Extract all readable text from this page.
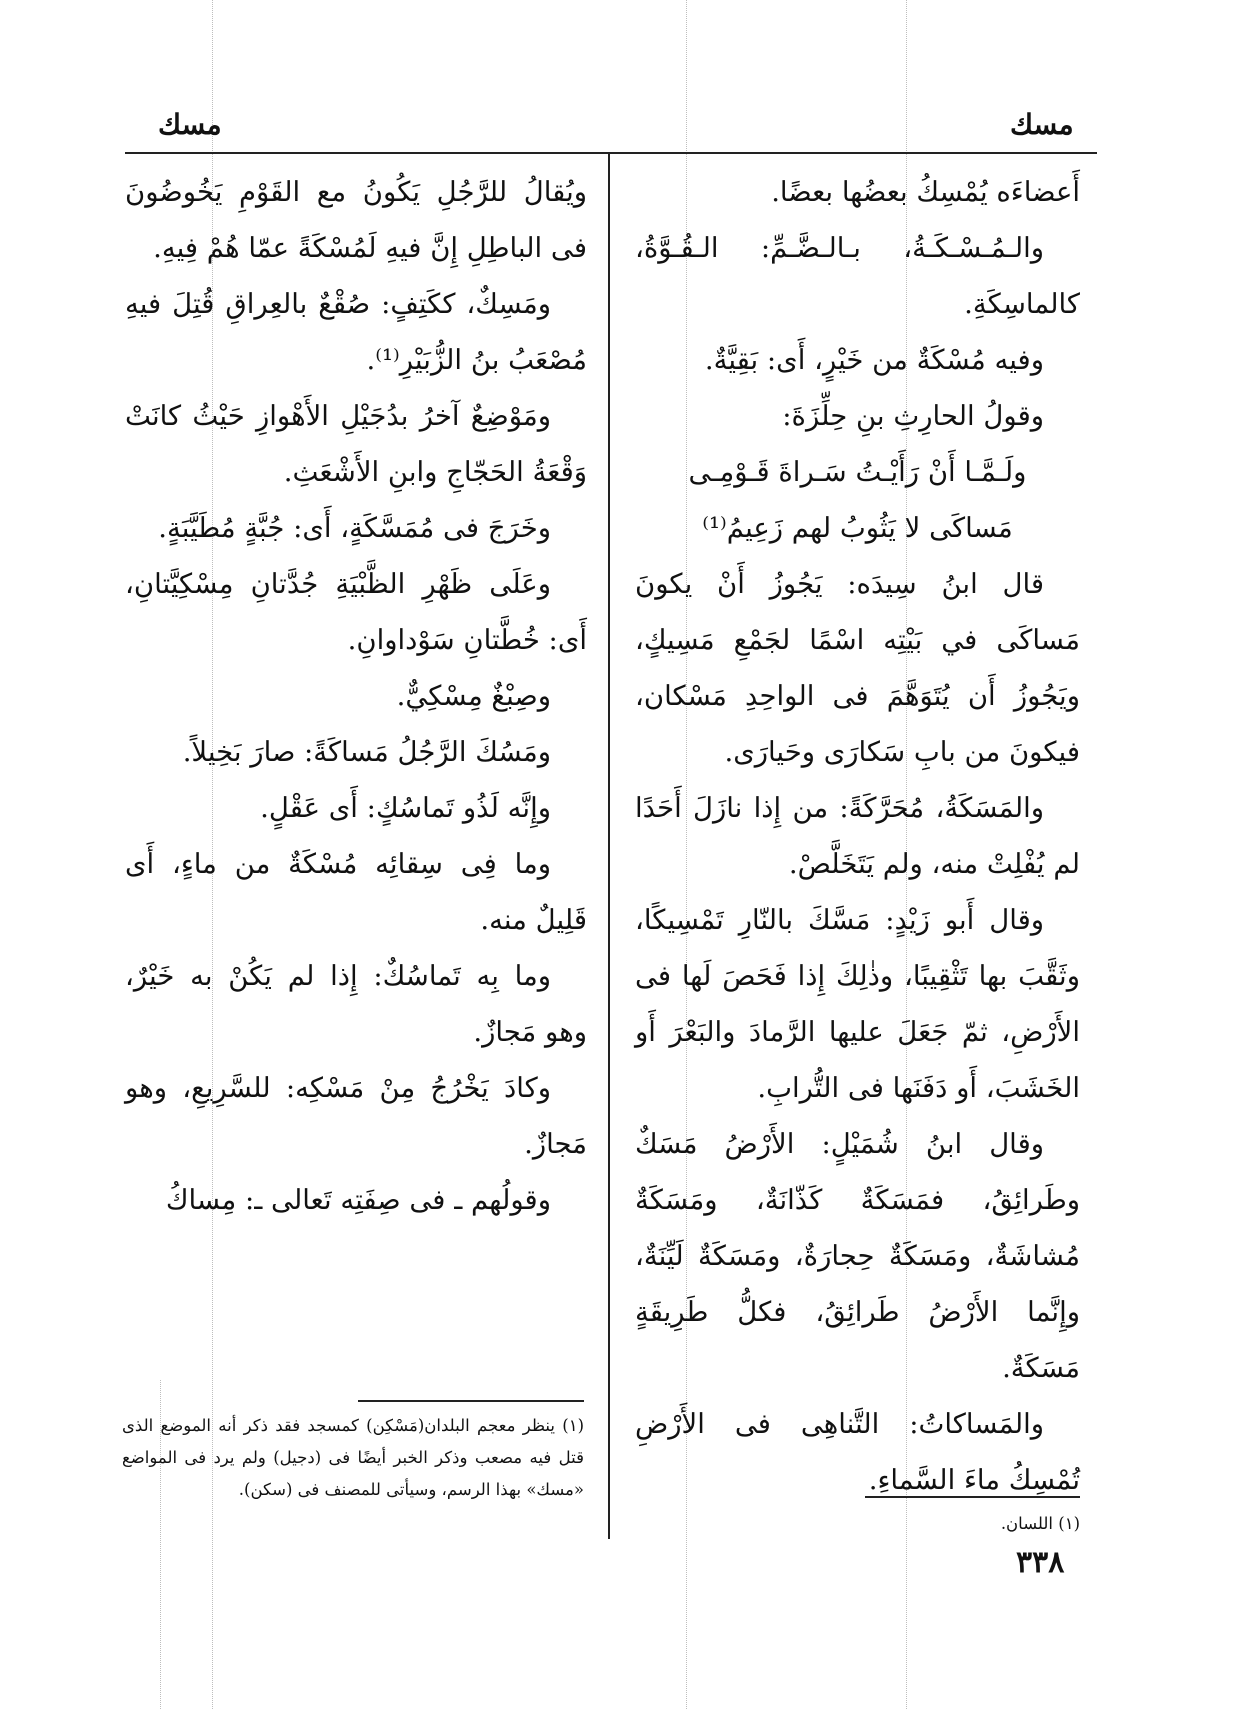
مسك
مسك

أَعضاءَه يُمْسِكُ بعضُها بعضًا.

والـمُـسْـكَـةُ، بـالـضَّـمِّ: الـقُـوَّةُ، كالماسِكَةِ.

وفيه مُسْكَةٌ من خَيْرٍ، أَى: بَقِيَّةٌ.

وقولُ الحارِثِ بنِ حِلِّزَةَ:

ولَـمَّـا أَنْ رَأَيْـتُ سَـراةَ قَـوْمِـى

مَساكَى لا يَثُوبُ لهم زَعِيمُ⁽¹⁾

قال ابنُ سِيدَه: يَجُوزُ أَنْ يكونَ مَساكَى في بَيْتِه اسْمًا لجَمْعِ مَسِيكٍ، ويَجُوزُ أَن يُتَوَهَّمَ فى الواحِدِ مَسْكان، فيكونَ من بابِ سَكارَى وحَيارَى.

والمَسَكَةُ، مُحَرَّكَةً: من إِذا نازَلَ أَحَدًا لم يُفْلِتْ منه، ولم يَتَخَلَّصْ.

وقال أَبو زَيْدٍ: مَسَّكَ بالنّارِ تَمْسِيكًا، وثَقَّبَ بها تَثْقِيبًا، وذٰلِكَ إِذا فَحَصَ لَها فى الأَرْضِ، ثمّ جَعَلَ عليها الرَّمادَ والبَعْرَ أَو الخَشَبَ، أَو دَفَنَها فى التُّرابِ.

وقال ابنُ شُمَيْلٍ: الأَرْضُ مَسَكٌ وطَرائِقُ، فمَسَكَةٌ كَذّانَةٌ، ومَسَكَةٌ مُشاشَةٌ، ومَسَكَةٌ حِجارَةٌ، ومَسَكَةٌ لَيِّنَةٌ، وإِنَّما الأَرْضُ طَرائِقُ، فكلُّ طَرِيقَةٍ مَسَكَةٌ.

والمَساكاتُ: التَّناهِى فى الأَرْضِ تُمْسِكُ ماءَ السَّماءِ.

(١) اللسان.

ويُقالُ للرَّجُلِ يَكُونُ مع القَوْمِ يَخُوضُونَ فى الباطِلِ إِنَّ فيهِ لَمُسْكَةً عمّا هُمْ فِيهِ.

ومَسِكٌ، ككَتِفٍ: صُقْعٌ بالعِراقِ قُتِلَ فيهِ مُصْعَبُ بنُ الزُّبَيْرِ⁽¹⁾.

ومَوْضِعٌ آخرُ بدُجَيْلِ الأَهْوازِ حَيْثُ كانَتْ وَقْعَةُ الحَجّاجِ وابنِ الأَشْعَثِ.

وخَرَجَ فى مُمَسَّكَةٍ، أَى: جُبَّةٍ مُطَيَّبَةٍ.

وعَلَى ظَهْرِ الظَّبْيَةِ جُدَّتانِ مِسْكِيَّتانِ، أَى: خُطَّتانِ سَوْداوانِ.

وصِبْغٌ مِسْكِيٌّ.

ومَسُكَ الرَّجُلُ مَساكَةً: صارَ بَخِيلاً.

وإِنَّه لَذُو تَماسُكٍ: أَى عَقْلٍ.

وما فِى سِقائِه مُسْكَةٌ من ماءٍ، أَى قَلِيلٌ منه.

وما بِه تَماسُكٌ: إِذا لم يَكُنْ به خَيْرٌ، وهو مَجازٌ.

وكادَ يَخْرُجُ مِنْ مَسْكِه: للسَّرِيعِ، وهو مَجازٌ.

وقولُهم ـ فى صِفَتِه تَعالى ـ: مِساكُ

(١) ينظر معجم البلدان(مَسْكِن) كمسجد فقد ذكر أنه الموضع الذى قتل فيه مصعب وذكر الخبر أيضًا فى (دجيل) ولم يرد فى المواضع «مسك» بهذا الرسم، وسيأتى للمصنف فى (سكن).

٣٣٨
